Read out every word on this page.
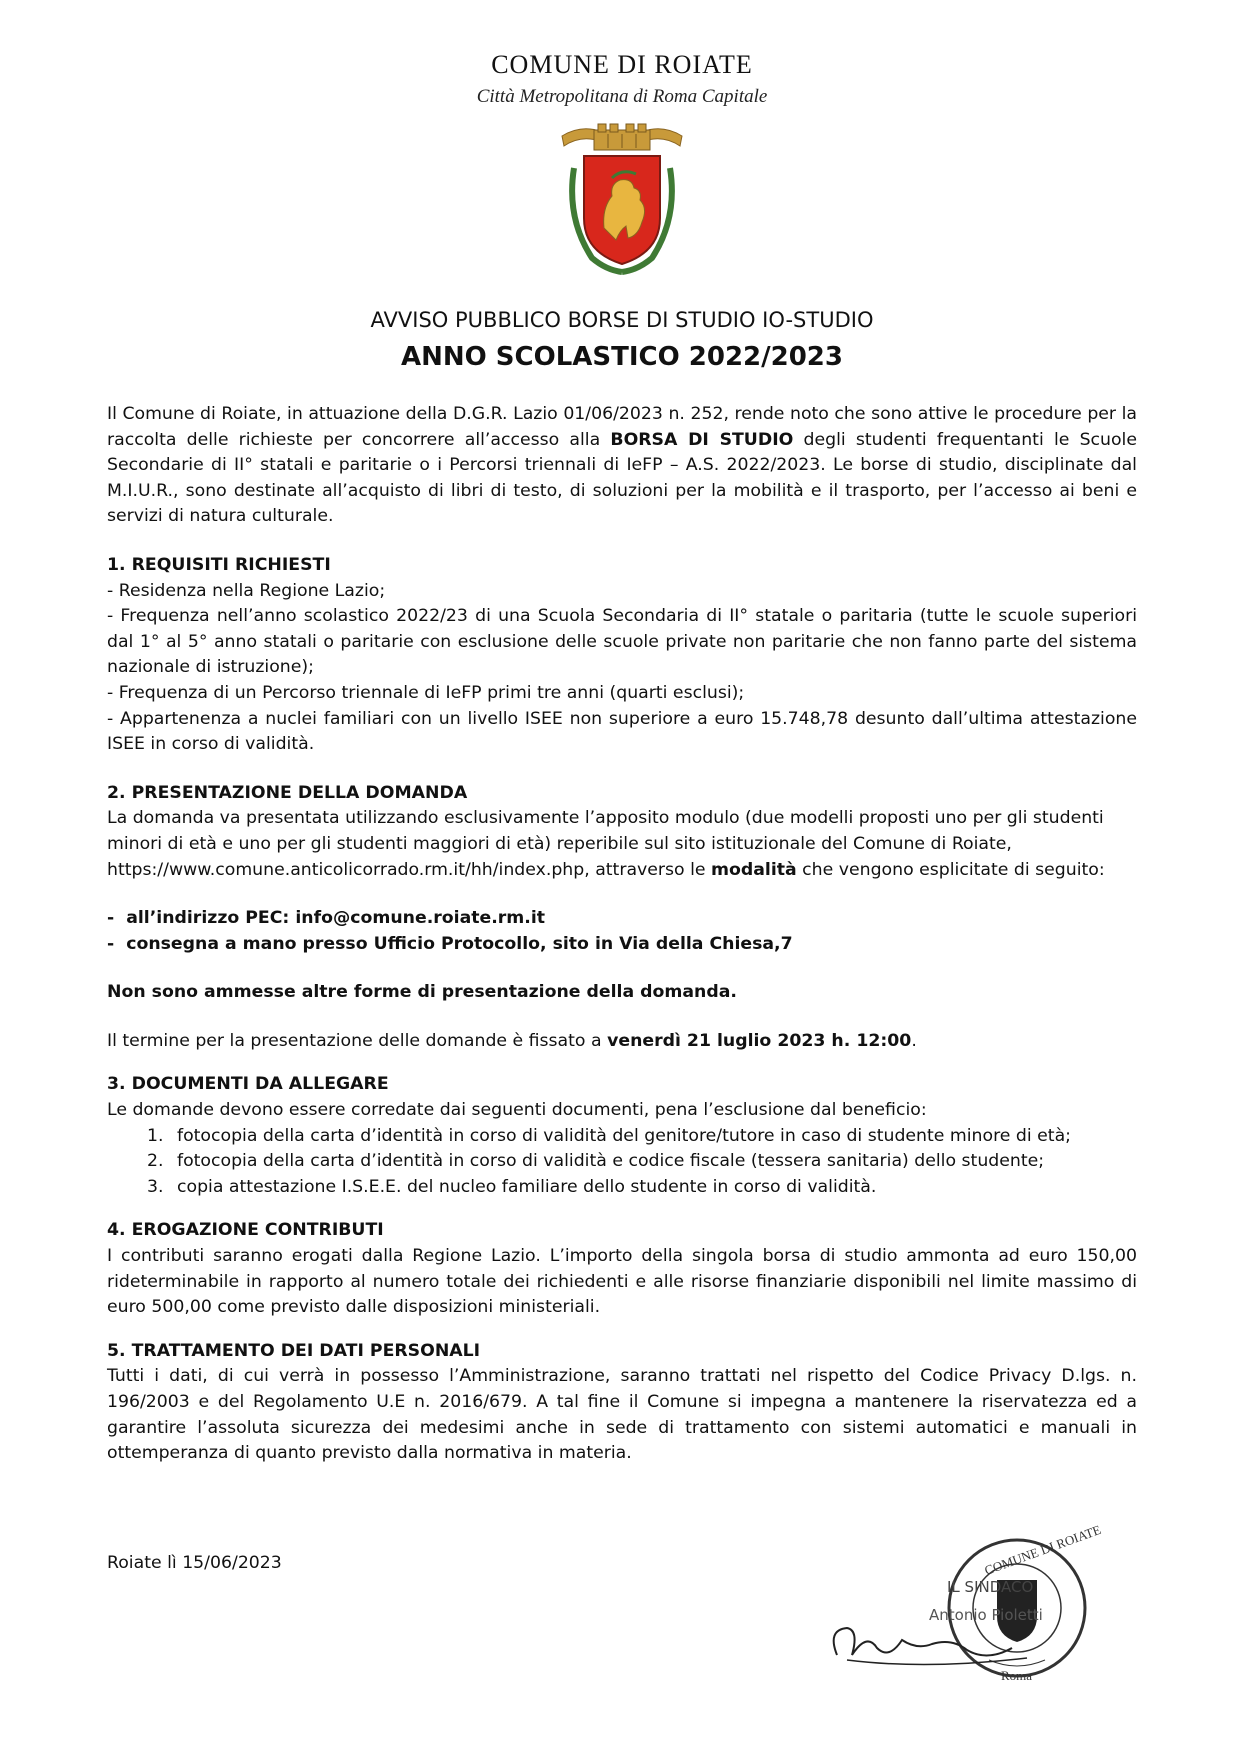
COMUNE DI ROIATE
Città Metropolitana di Roma Capitale
AVVISO PUBBLICO BORSE DI STUDIO IO-STUDIO
ANNO SCOLASTICO 2022/2023

Il Comune di Roiate, in attuazione della D.G.R. Lazio 01/06/2023 n. 252, rende noto che sono attive le procedure per la raccolta delle richieste per concorrere all’accesso alla BORSA DI STUDIO degli studenti frequentanti le Scuole Secondarie di II° statali e paritarie o i Percorsi triennali di IeFP – A.S. 2022/2023. Le borse di studio, disciplinate dal M.I.U.R., sono destinate all’acquisto di libri di testo, di soluzioni per la mobilità e il trasporto, per l’accesso ai beni e servizi di natura culturale.

1. REQUISITI RICHIESTI

- Residenza nella Regione Lazio;
- Frequenza nell’anno scolastico 2022/23 di una Scuola Secondaria di II° statale o paritaria (tutte le scuole superiori dal 1° al 5° anno statali o paritarie con esclusione delle scuole private non paritarie che non fanno parte del sistema nazionale di istruzione);
- Frequenza di un Percorso triennale di IeFP primi tre anni (quarti esclusi);
- Appartenenza a nuclei familiari con un livello ISEE non superiore a euro 15.748,78 desunto dall’ultima attestazione ISEE in corso di validità.

2. PRESENTAZIONE DELLA DOMANDA

La domanda va presentata utilizzando esclusivamente l’apposito modulo (due modelli proposti uno per gli studenti minori di età e uno per gli studenti maggiori di età) reperibile sul sito istituzionale del Comune di Roiate, https://www.comune.anticolicorrado.rm.it/hh/index.php, attraverso le modalità che vengono esplicitate di seguito:

-  all’indirizzo PEC: info@comune.roiate.rm.it
-  consegna a mano presso Ufficio Protocollo, sito in Via della Chiesa,7

Non sono ammesse altre forme di presentazione della domanda.

Il termine per la presentazione delle domande è fissato a venerdì 21 luglio 2023 h. 12:00.

3. DOCUMENTI DA ALLEGARE

Le domande devono essere corredate dai seguenti documenti, pena l’esclusione dal beneficio:

1. fotocopia della carta d’identità in corso di validità del genitore/tutore in caso di studente minore di età;
2. fotocopia della carta d’identità in corso di validità e codice fiscale (tessera sanitaria) dello studente;
3. copia attestazione I.S.E.E. del nucleo familiare dello studente in corso di validità.

4. EROGAZIONE CONTRIBUTI

I contributi saranno erogati dalla Regione Lazio. L’importo della singola borsa di studio ammonta ad euro 150,00 rideterminabile in rapporto al numero totale dei richiedenti e alle risorse finanziarie disponibili nel limite massimo di euro 500,00 come previsto dalle disposizioni ministeriali.

5. TRATTAMENTO DEI DATI PERSONALI

Tutti i dati, di cui verrà in possesso l’Amministrazione, saranno trattati nel rispetto del Codice Privacy D.lgs. n. 196/2003 e del Regolamento U.E n. 2016/679. A tal fine il Comune si impegna a mantenere la riservatezza ed a garantire l’assoluta sicurezza dei medesimi anche in sede di trattamento con sistemi automatici e manuali in ottemperanza di quanto previsto dalla normativa in materia.

Roiate lì 15/06/2023	COMUNE DI ROIATE
Roma
IL SINDACO
Antonio Pioletti
